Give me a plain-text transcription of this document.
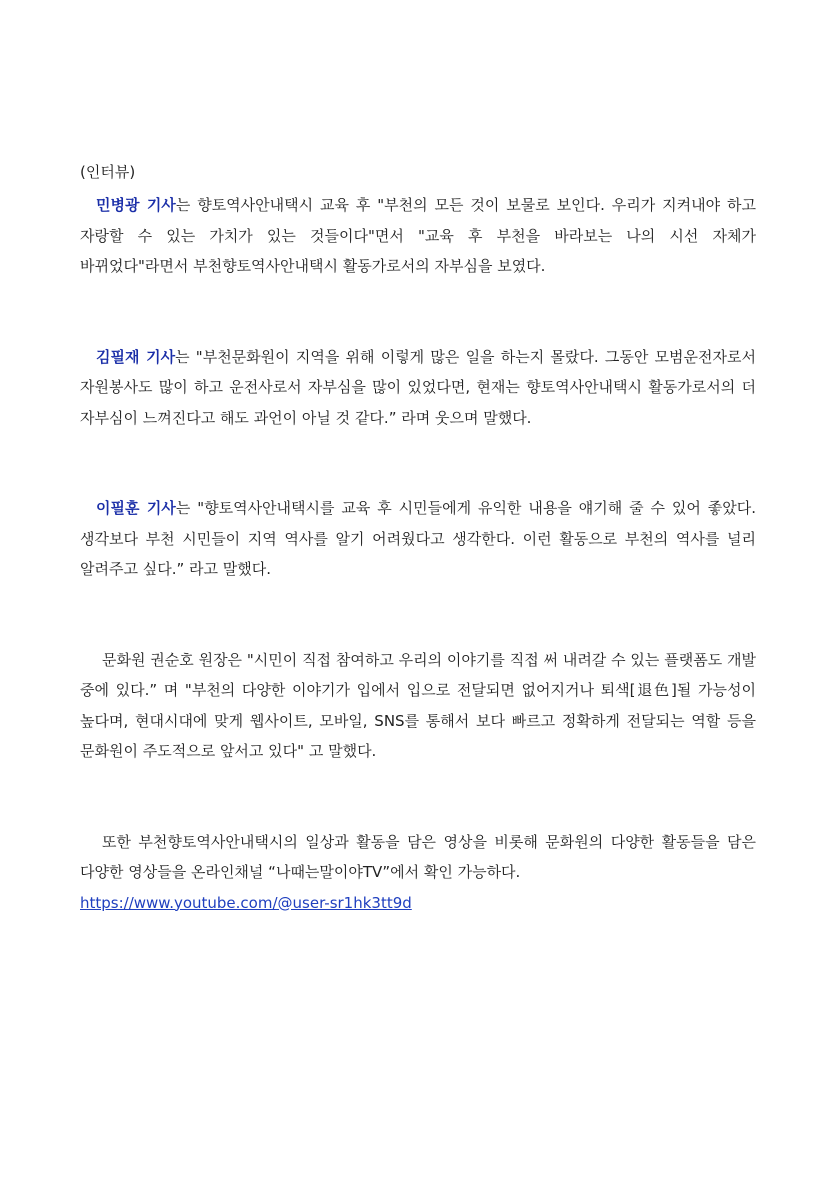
(인터뷰)

민병광 기사는 향토역사안내택시 교육 후 "부천의 모든 것이 보물로 보인다. 우리가 지켜내야 하고 자랑할 수 있는 가치가 있는 것들이다"면서 "교육 후 부천을 바라보는 나의 시선 자체가 바뀌었다"라면서 부천향토역사안내택시 활동가로서의 자부심을 보였다.

김필재 기사는 "부천문화원이 지역을 위해 이렇게 많은 일을 하는지 몰랐다. 그동안 모범운전자로서 자원봉사도 많이 하고 운전사로서 자부심을 많이 있었다면, 현재는 향토역사안내택시 활동가로서의 더 자부심이 느껴진다고 해도 과언이 아닐 것 같다.” 라며 웃으며 말했다.

이필훈 기사는 "향토역사안내택시를 교육 후 시민들에게 유익한 내용을 얘기해 줄 수 있어 좋았다. 생각보다 부천 시민들이 지역 역사를 알기 어려웠다고 생각한다. 이런 활동으로 부천의 역사를 널리 알려주고 싶다.” 라고 말했다.

문화원 권순호 원장은 "시민이 직접 참여하고 우리의 이야기를 직접 써 내려갈 수 있는 플랫폼도 개발 중에 있다.” 며 "부천의 다양한 이야기가 입에서 입으로 전달되면 없어지거나 퇴색[退色]될 가능성이 높다며, 현대시대에 맞게 웹사이트, 모바일, SNS를 통해서 보다 빠르고 정확하게 전달되는 역할 등을 문화원이 주도적으로 앞서고 있다" 고 말했다.

또한 부천향토역사안내택시의 일상과 활동을 담은 영상을 비롯해 문화원의 다양한 활동들을 담은 다양한 영상들을 온라인채널 “나때는말이야TV”에서 확인 가능하다.

https://www.youtube.com/@user-sr1hk3tt9d
